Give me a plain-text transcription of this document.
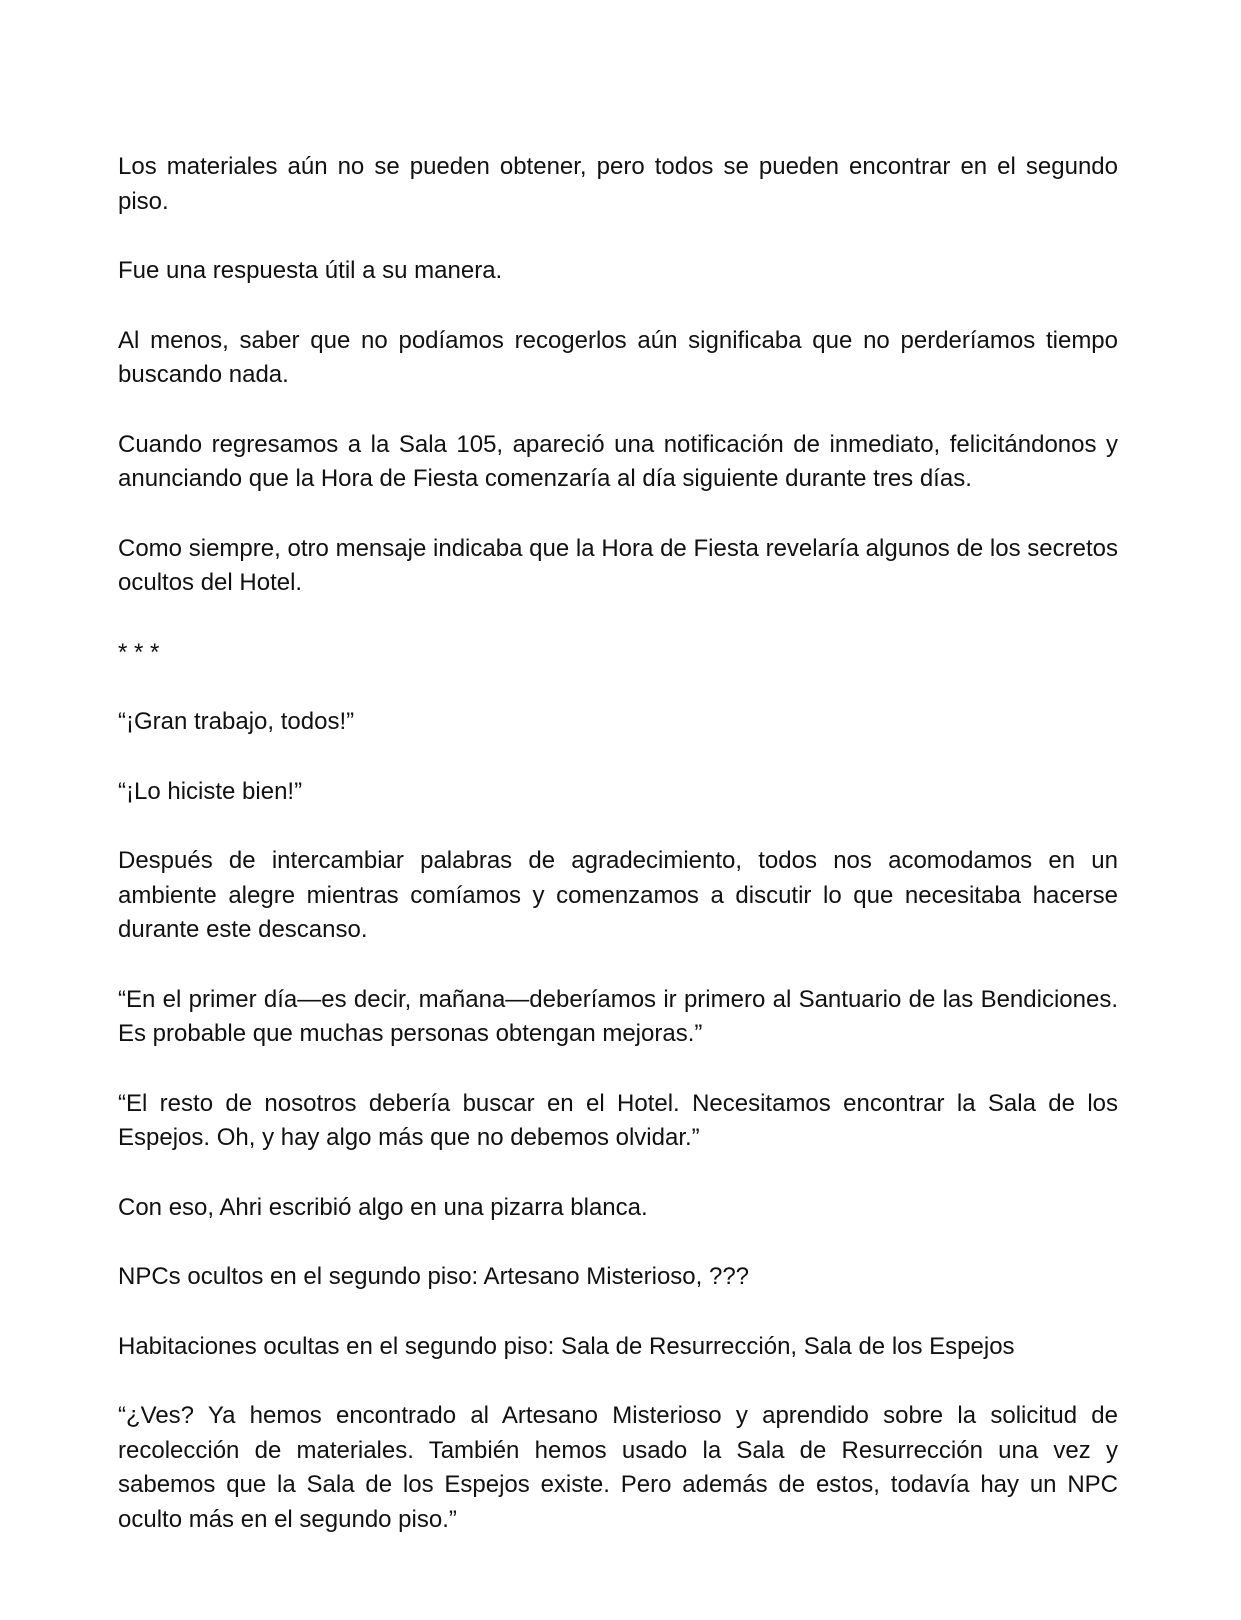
Los materiales aún no se pueden obtener, pero todos se pueden encontrar en el segundo piso.

Fue una respuesta útil a su manera.

Al menos, saber que no podíamos recogerlos aún significaba que no perderíamos tiempo buscando nada.

Cuando regresamos a la Sala 105, apareció una notificación de inmediato, felicitándonos y anunciando que la Hora de Fiesta comenzaría al día siguiente durante tres días.

Como siempre, otro mensaje indicaba que la Hora de Fiesta revelaría algunos de los secretos ocultos del Hotel.

* * *

“¡Gran trabajo, todos!”

“¡Lo hiciste bien!”

Después de intercambiar palabras de agradecimiento, todos nos acomodamos en un ambiente alegre mientras comíamos y comenzamos a discutir lo que necesitaba hacerse durante este descanso.

“En el primer día—es decir, mañana—deberíamos ir primero al Santuario de las Bendiciones. Es probable que muchas personas obtengan mejoras.”

“El resto de nosotros debería buscar en el Hotel. Necesitamos encontrar la Sala de los Espejos. Oh, y hay algo más que no debemos olvidar.”

Con eso, Ahri escribió algo en una pizarra blanca.

NPCs ocultos en el segundo piso: Artesano Misterioso, ???

Habitaciones ocultas en el segundo piso: Sala de Resurrección, Sala de los Espejos

“¿Ves? Ya hemos encontrado al Artesano Misterioso y aprendido sobre la solicitud de recolección de materiales. También hemos usado la Sala de Resurrección una vez y sabemos que la Sala de los Espejos existe. Pero además de estos, todavía hay un NPC oculto más en el segundo piso.”
